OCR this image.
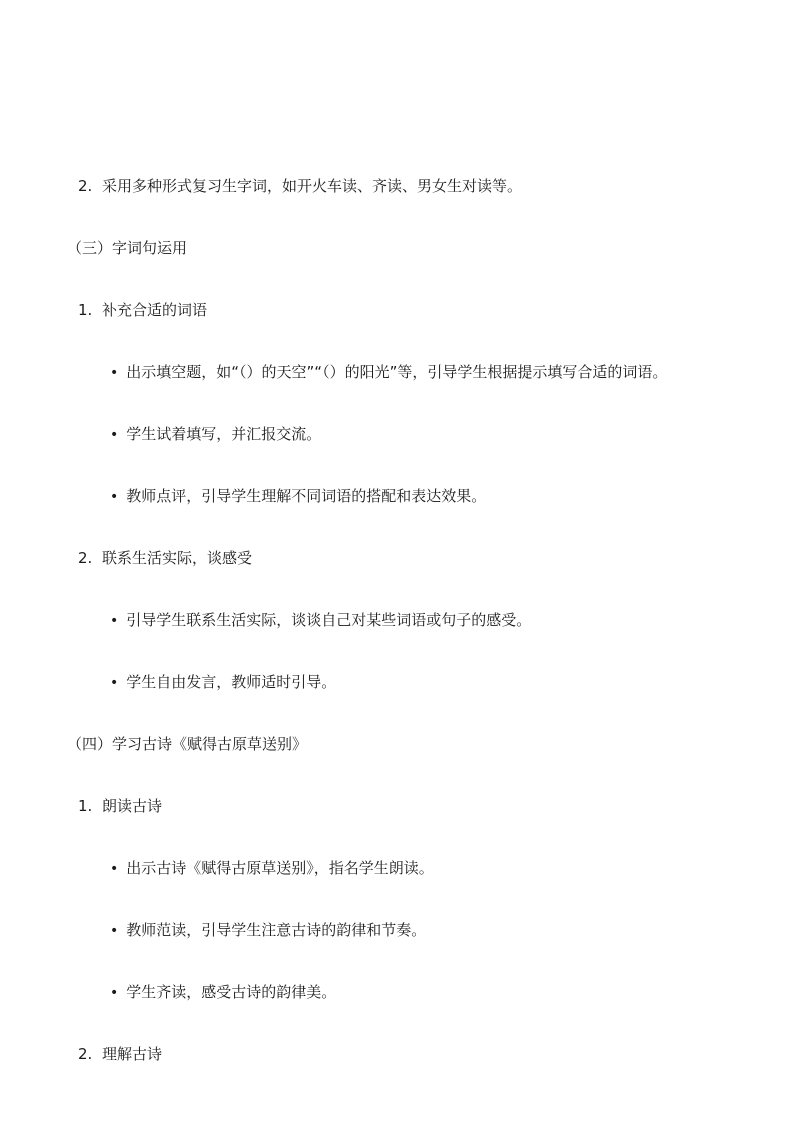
2. 采用多种形式复习生字词，如开火车读、齐读、男女生对读等。

（三）字词句运用

1. 补充合适的词语

• 出示填空题，如“（）的天空”“（）的阳光”等，引导学生根据提示填写合适的词语。

• 学生试着填写，并汇报交流。

• 教师点评，引导学生理解不同词语的搭配和表达效果。

2. 联系生活实际，谈感受

• 引导学生联系生活实际，谈谈自己对某些词语或句子的感受。

• 学生自由发言，教师适时引导。

（四）学习古诗《赋得古原草送别》

1. 朗读古诗

• 出示古诗《赋得古原草送别》，指名学生朗读。

• 教师范读，引导学生注意古诗的韵律和节奏。

• 学生齐读，感受古诗的韵律美。

2. 理解古诗
